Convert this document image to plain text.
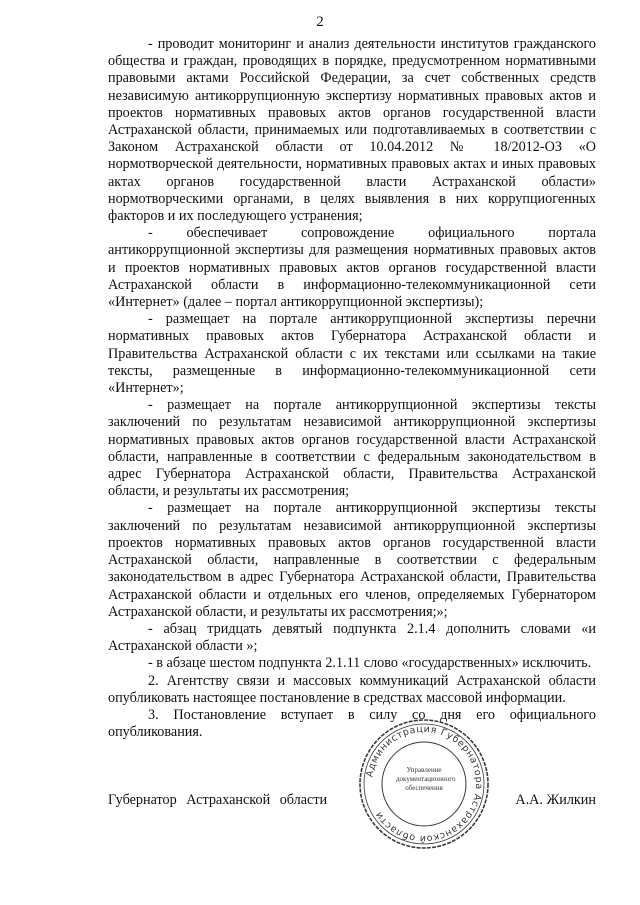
2

- проводит мониторинг и анализ деятельности институтов гражданского общества и граждан, проводящих в порядке, предусмотренном нормативными правовыми актами Российской Федерации, за счет собственных средств независимую антикоррупционную экспертизу нормативных правовых актов и проектов нормативных правовых актов органов государственной власти Астраханской области, принимаемых или подготавливаемых в соответствии с Законом Астраханской области от 10.04.2012 № 18/2012-ОЗ «О нормотворческой деятельности, нормативных правовых актах и иных правовых актах органов государственной власти Астраханской области» нормотворческими органами, в целях выявления в них коррупциогенных факторов и их последующего устранения;

- обеспечивает сопровождение официального портала антикоррупционной экспертизы для размещения нормативных правовых актов и проектов нормативных правовых актов органов государственной власти Астраханской области в информационно-телекоммуникационной сети «Интернет» (далее – портал антикоррупционной экспертизы);

- размещает на портале антикоррупционной экспертизы перечни нормативных правовых актов Губернатора Астраханской области и Правительства Астраханской области с их текстами или ссылками на такие тексты, размещенные в информационно-телекоммуникационной сети «Интернет»;

- размещает на портале антикоррупционной экспертизы тексты заключений по результатам независимой антикоррупционной экспертизы нормативных правовых актов органов государственной власти Астраханской области, направленные в соответствии с федеральным законодательством в адрес Губернатора Астраханской области, Правительства Астраханской области, и результаты их рассмотрения;

- размещает на портале антикоррупционной экспертизы тексты заключений по результатам независимой антикоррупционной экспертизы проектов нормативных правовых актов органов государственной власти Астраханской области, направленные в соответствии с федеральным законодательством в адрес Губернатора Астраханской области, Правительства Астраханской области и отдельных его членов, определяемых Губернатором Астраханской области, и результаты их рассмотрения;»;

- абзац тридцать девятый подпункта 2.1.4 дополнить словами «и Астраханской области »;

- в абзаце шестом подпункта 2.1.11 слово «государственных» исключить.

2. Агентству связи и массовых коммуникаций Астраханской области опубликовать настоящее постановление в средствах массовой информации.

3. Постановление вступает в силу со дня его официального опубликования.

Губернатор Астраханской области	А.А. Жилкин
Администрация Губернатора Астраханской области
Управление
документационного
обеспечения
